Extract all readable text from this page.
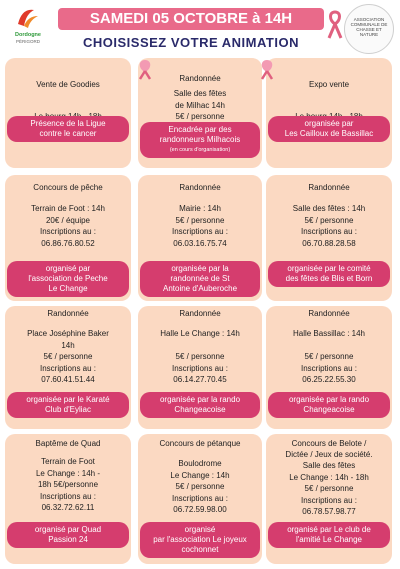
Dordogne
PÉRIGORD
SAMEDI 05 OCTOBRE à 14H
CHOISISSEZ VOTRE ANIMATION
ASSOCIATION COMMUNALE DE CHASSE ET NATURE
Vente de Goodies
Présence de la Ligue
contre le cancer
Randonnée
Salle des fêtes
de Milhac 14h
5€ / personne
Encadrée par des
randonneurs Milhacois
(en cours d'organisation)
Expo vente
organisée par
Les Cailloux de Bassillac
Concours de pêche
Terrain de Foot : 14h
20€ / équipe
Inscriptions au :
06.86.76.80.52
organisé par
l'association de Peche
Le Change
Randonnée
Mairie : 14h
5€ / personne
Inscriptions au :
06.03.16.75.74
organisée par la
randonnée de St
Antoine d'Auberoche
Randonnée
Salle des fêtes : 14h
5€ / personne
Inscriptions au :
06.70.88.28.58
organisée par le comité
des fêtes de Blis et Born
Randonnée
Place Joséphine Baker
14h
5€ / personne
Inscriptions au :
07.60.41.51.44
organisée par le Karaté
Club d'Eyliac
Randonnée
Halle Le Change : 14h

5€ / personne
Inscriptions au :
06.14.27.70.45
organisée par la rando
Changeacoise
Randonnée
Halle Bassillac : 14h

5€ / personne
Inscriptions au :
06.25.22.55.30
organisée par la rando
Changeacoise
Baptême de Quad
Terrain de Foot
Le Change : 14h -
18h 5€/personne
Inscriptions au :
06.32.72.62.11
organisé par Quad
Passion 24
Concours de pétanque
Boulodrome
Le Change : 14h
5€ / personne
Inscriptions au :
06.72.59.98.00
organisé
par l'association Le joyeux
cochonnet
Concours de Belote /
Dictée / Jeux de société.
Salle des fêtes
Le Change : 14h - 18h
5€ / personne
Inscriptions au :
06.78.57.98.77
organisé par Le club de
l'amitié Le Change
